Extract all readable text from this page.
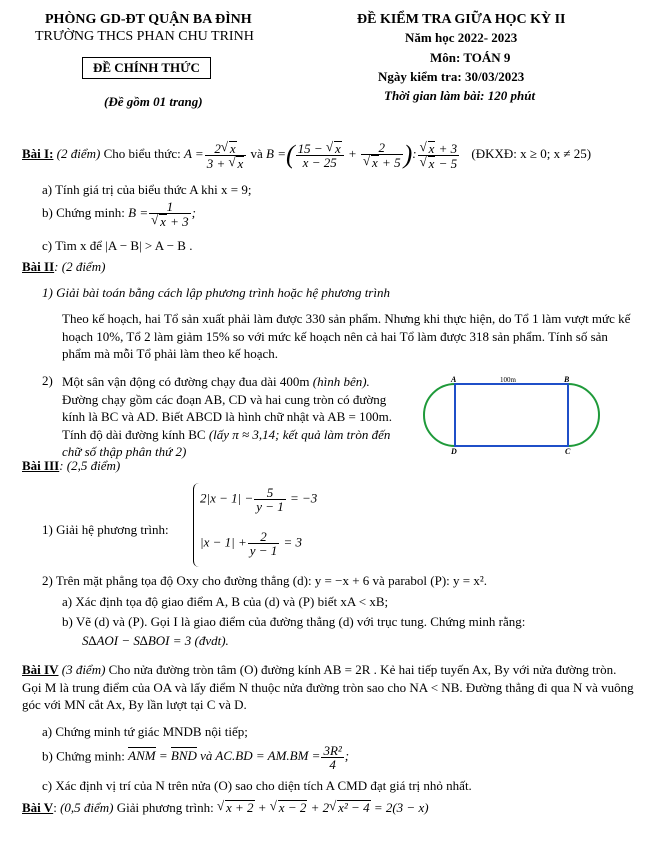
PHÒNG GD-ĐT QUẬN BA ĐÌNH
TRƯỜNG THCS PHAN CHU TRINH
ĐỀ CHÍNH THỨC
(Đề gồm 01 trang)
ĐỀ KIỂM TRA GIỮA HỌC KỲ II
Năm học 2022- 2023
Môn: TOÁN 9
Ngày kiểm tra: 30/03/2023
Thời gian làm bài: 120 phút
Bài I: (2 điểm) Cho biểu thức: $A = \frac{2 √ x}{3 + √ x}$ và B =( $\frac{15 - √ x}{x - 25} + 2$
√ x + 5 ): √ x + 3
√ x − 5 (ĐKXĐ: x ≥ 0; x ≠ 25)
a) Tính giá trị của biểu thức A khi x = 9;
b) Chứng minh: B = 1
√ x + 3 ;
c) Tìm x để |A − B| > A − B .
Bài II: (2 điểm)
1) Giải bài toán bằng cách lập phương trình hoặc hệ phương trình
Theo kế hoạch, hai Tổ sản xuất phải làm được 330 sản phẩm. Nhưng khi thực hiện, do Tổ 1 làm vượt mức kế hoạch 10%, Tổ 2 làm giảm 15% so với mức kế hoạch nên cả hai Tổ làm được 318 sản phẩm. Tính số sản phẩm mà mỗi Tổ phải làm theo kế hoạch.
2) Một sân vận động có đường chạy đua dài 400m (hình bên). Đường chạy gồm các đoạn AB, CD và hai cung tròn có đường kính là BC và AD. Biết ABCD là hình chữ nhật và AB = 100m. Tính độ dài đường kính BC (lấy π ≈ 3,14; kết quả làm tròn đến chữ số thập phân thứ 2)
A	B
C
D
100m
Bài III: (2,5 điểm)
1) Giải hệ phương trình:
$2|x - 1| - \frac{5}{y - 1} = -3$
$|x - 1| + \frac{2}{y - 1} = 3$
2) Trên mặt phẳng tọa độ Oxy cho đường thẳng (d): y = −x + 6 và parabol (P): y = x².
a) Xác định tọa độ giao điểm A, B của (d) và (P) biết xA < xB;
b) Vẽ (d) và (P). Gọi I là giao điểm của đường thẳng (d) với trục tung. Chứng minh rằng:
S∆AOI − S∆BOI = 3 (đvdt).
Bài IV (3 điểm) Cho nửa đường tròn tâm (O) đường kính AB = 2R . Kẻ hai tiếp tuyến Ax, By với nửa đường tròn. Gọi M là trung điểm của OA và lấy điểm N thuộc nửa đường tròn sao cho NA < NB. Đường thẳng đi qua N và vuông góc với MN cắt Ax, By lần lượt tại C và D.
a) Chứng minh tứ giác MNDB nội tiếp;
b) Chứng minh: ANM = BND và $AC.BD = AM.BM = \frac{\text{3R²}}{4}$ ;
c) Xác định vị trí của N trên nửa (O) sao cho diện tích A CMD đạt giá trị nhỏ nhất.
Bài V: (0,5 điểm) Giải phương trình: √ x + 2 + √ x − 2 + 2 √ x² − 4 = 2(3 − x)
